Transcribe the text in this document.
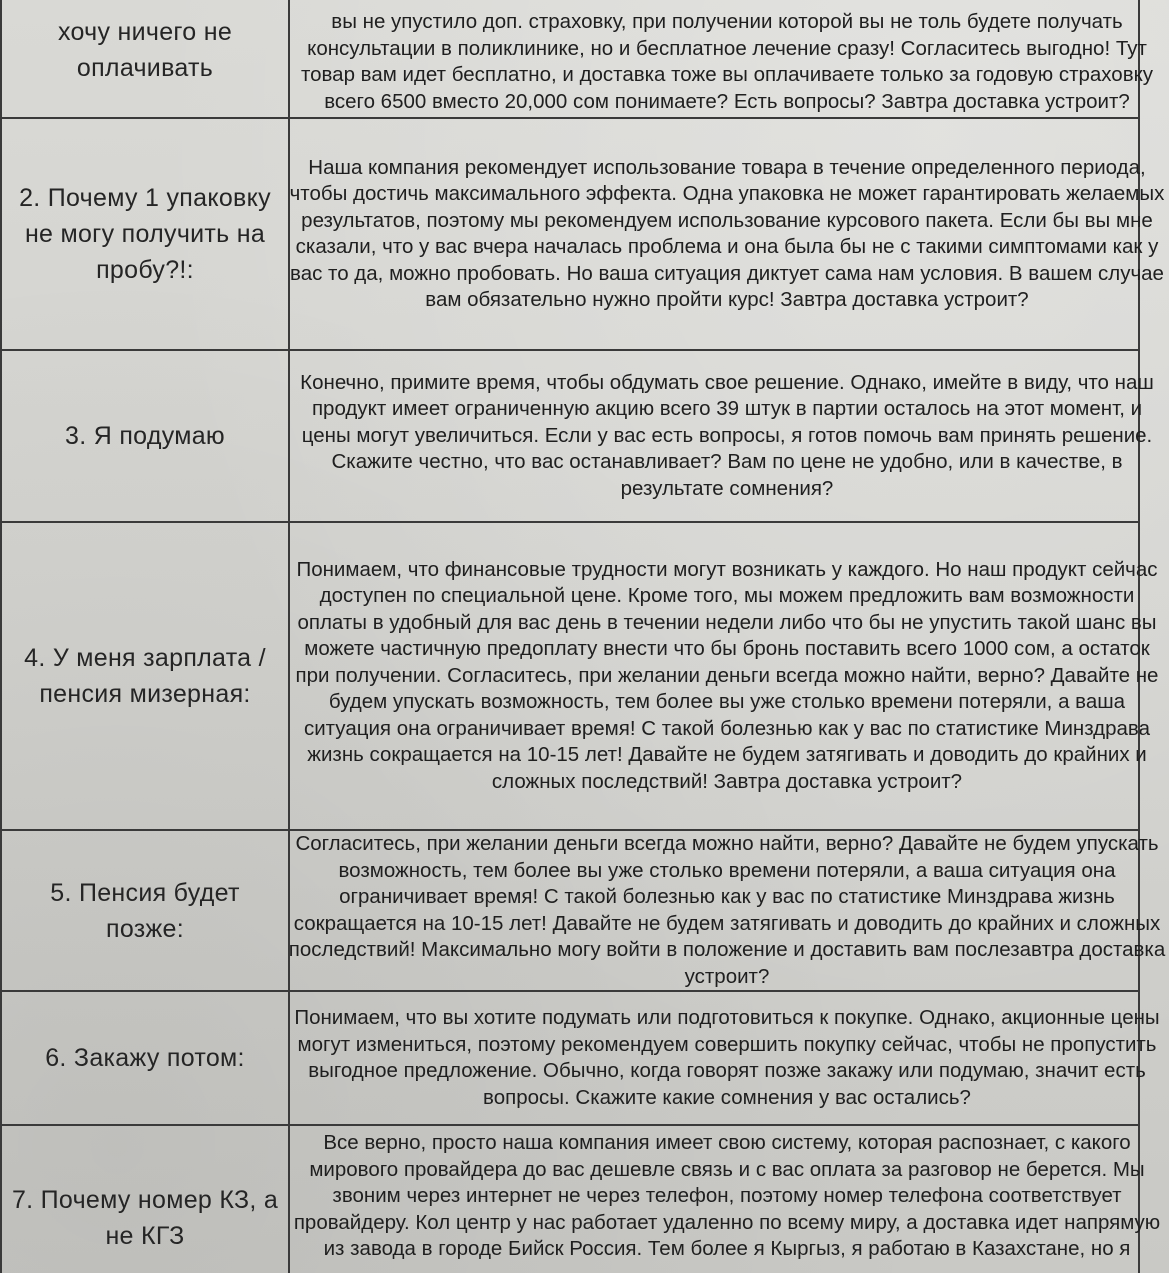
хочу ничего не оплачивать	вы не упустило доп. страховку, при получении которой вы не толь будете получать консультации в поликлинике, но и бесплатное лечение сразу! Согласитесь выгодно! Тут товар вам идет бесплатно, и доставка тоже вы оплачиваете только за годовую страховку всего 6500 вместо 20,000 сом понимаете? Есть вопросы? Завтра доставка устроит?

2. Почему 1 упаковку не могу получить на пробу?!:	Наша компания рекомендует использование товара в течение определенного периода, чтобы достичь максимального эффекта. Одна упаковка не может гарантировать желаемых результатов, поэтому мы рекомендуем использование курсового пакета. Если бы вы мне сказали, что у вас вчера началась проблема и она была бы не с такими симптомами как у вас то да, можно пробовать. Но ваша ситуация диктует сама нам условия. В вашем случае вам обязательно нужно пройти курс! Завтра доставка устроит?

3. Я подумаю	Конечно, примите время, чтобы обдумать свое решение. Однако, имейте в виду, что наш продукт имеет ограниченную акцию всего 39 штук в партии осталось на этот момент, и цены могут увеличиться. Если у вас есть вопросы, я готов помочь вам принять решение. Скажите честно, что вас останавливает? Вам по цене не удобно, или в качестве, в результате сомнения?

4. У меня зарплата / пенсия мизерная:	Понимаем, что финансовые трудности могут возникать у каждого. Но наш продукт сейчас доступен по специальной цене. Кроме того, мы можем предложить вам возможности оплаты в удобный для вас день в течении недели либо что бы не упустить такой шанс вы можете частичную предоплату внести что бы бронь поставить всего 1000 сом, а остаток при получении. Согласитесь, при желании деньги всегда можно найти, верно? Давайте не будем упускать возможность, тем более вы уже столько времени потеряли, а ваша ситуация она ограничивает время! С такой болезнью как у вас по статистике Минздрава жизнь сокращается на 10-15 лет! Давайте не будем затягивать и доводить до крайних и сложных последствий! Завтра доставка устроит?

5. Пенсия будет позже:	Согласитесь, при желании деньги всегда можно найти, верно? Давайте не будем упускать возможность, тем более вы уже столько времени потеряли, а ваша ситуация она ограничивает время! С такой болезнью как у вас по статистике Минздрава жизнь сокращается на 10-15 лет! Давайте не будем затягивать и доводить до крайних и сложных последствий! Максимально могу войти в положение и доставить вам послезавтра доставка устроит?

6. Закажу потом:	Понимаем, что вы хотите подумать или подготовиться к покупке. Однако, акционные цены могут измениться, поэтому рекомендуем совершить покупку сейчас, чтобы не пропустить выгодное предложение. Обычно, когда говорят позже закажу или подумаю, значит есть вопросы. Скажите какие сомнения у вас остались?

7. Почему номер КЗ, а не КГЗ	Все верно, просто наша компания имеет свою систему, которая распознает, с какого мирового провайдера до вас дешевле связь и с вас оплата за разговор не берется. Мы звоним через интернет не через телефон, поэтому номер телефона соответствует провайдеру. Кол центр у нас работает удаленно по всему миру, а доставка идет напрямую из завода в городе Бийск Россия. Тем более я Кыргыз, я работаю в Казахстане, но я
